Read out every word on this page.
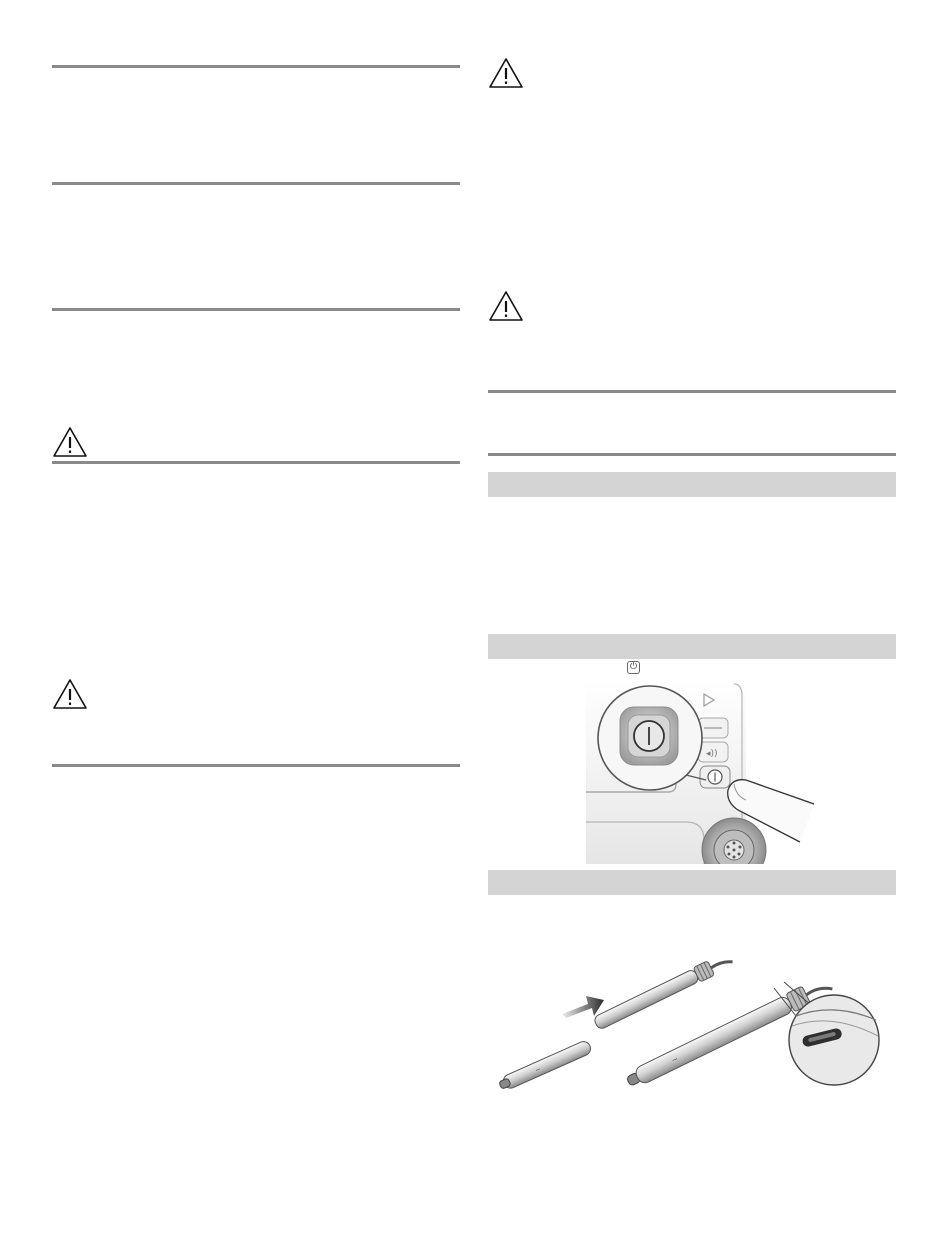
⏻
◂))
~
~
